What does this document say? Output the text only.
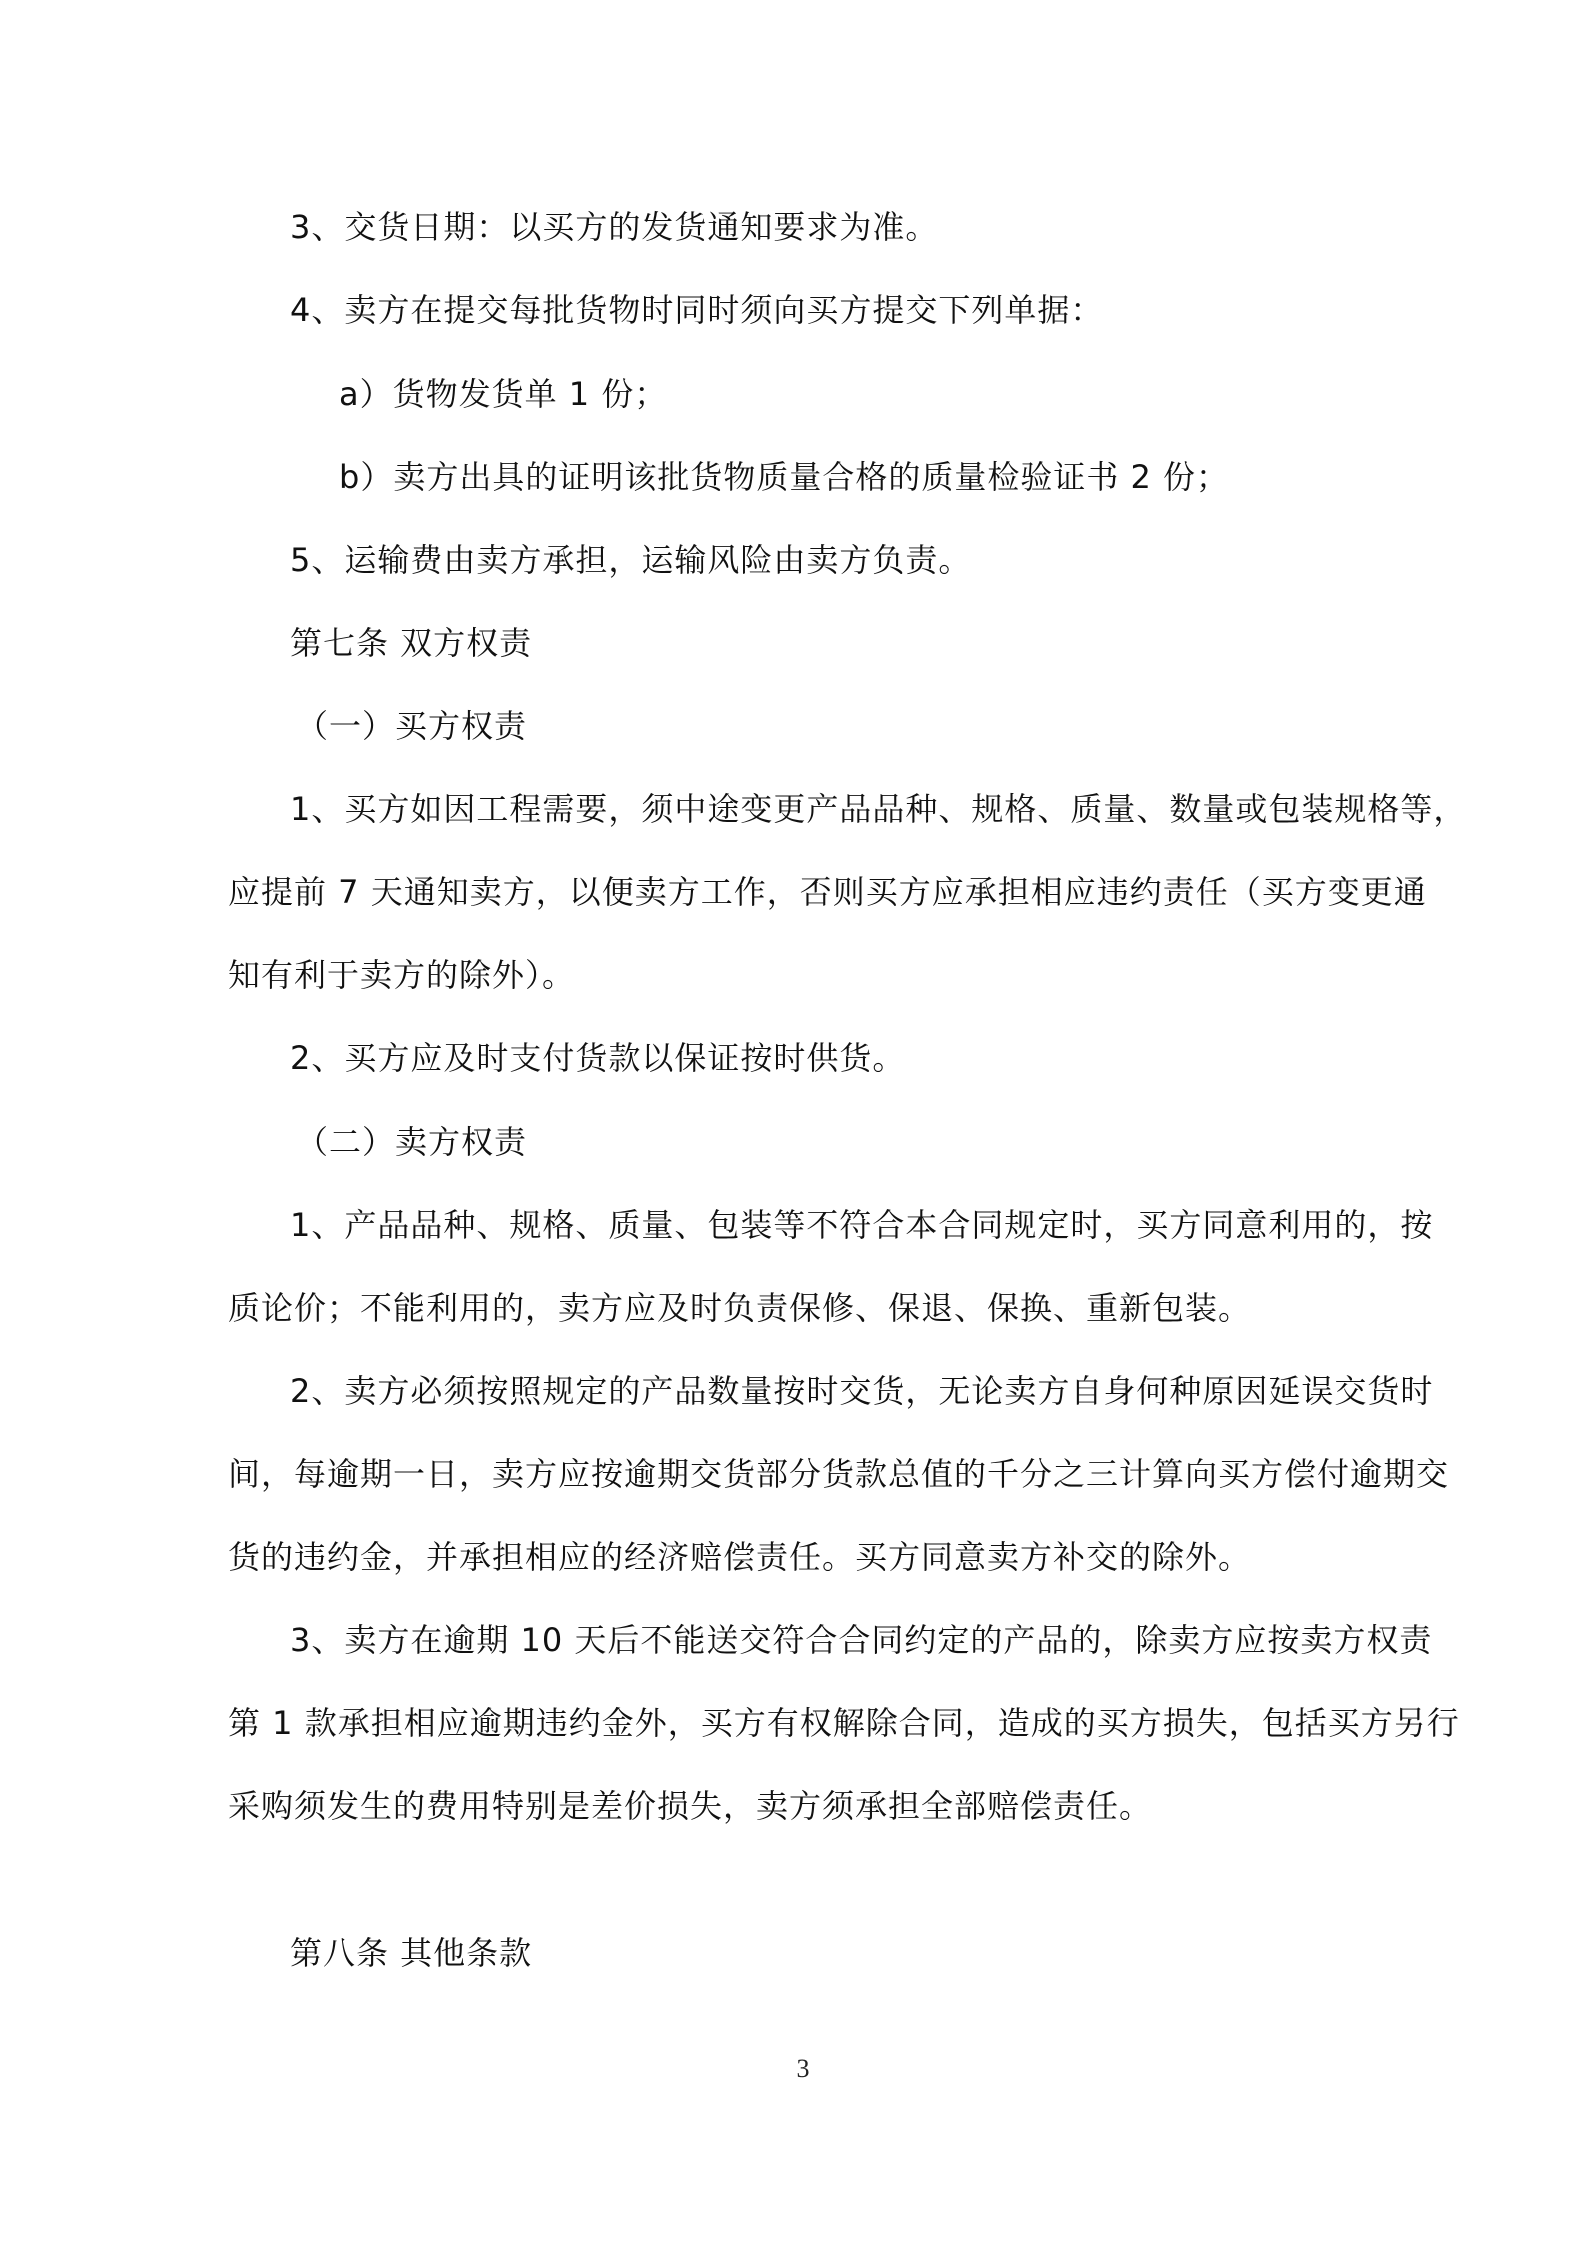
3、交货日期：以买方的发货通知要求为准。
4、卖方在提交每批货物时同时须向买方提交下列单据：
a）货物发货单 1 份；
b）卖方出具的证明该批货物质量合格的质量检验证书 2 份；
5、运输费由卖方承担，运输风险由卖方负责。
第七条 双方权责
（一）买方权责
1、买方如因工程需要，须中途变更产品品种、规格、质量、数量或包装规格等，
应提前 7 天通知卖方，以便卖方工作，否则买方应承担相应违约责任（买方变更通
知有利于卖方的除外）。
2、买方应及时支付货款以保证按时供货。
（二）卖方权责
1、产品品种、规格、质量、包装等不符合本合同规定时，买方同意利用的，按
质论价；不能利用的，卖方应及时负责保修、保退、保换、重新包装。
2、卖方必须按照规定的产品数量按时交货，无论卖方自身何种原因延误交货时
间，每逾期一日，卖方应按逾期交货部分货款总值的千分之三计算向买方偿付逾期交
货的违约金，并承担相应的经济赔偿责任。买方同意卖方补交的除外。
3、卖方在逾期 10 天后不能送交符合合同约定的产品的，除卖方应按卖方权责
第 1 款承担相应逾期违约金外，买方有权解除合同，造成的买方损失，包括买方另行
采购须发生的费用特别是差价损失，卖方须承担全部赔偿责任。
第八条 其他条款
3
